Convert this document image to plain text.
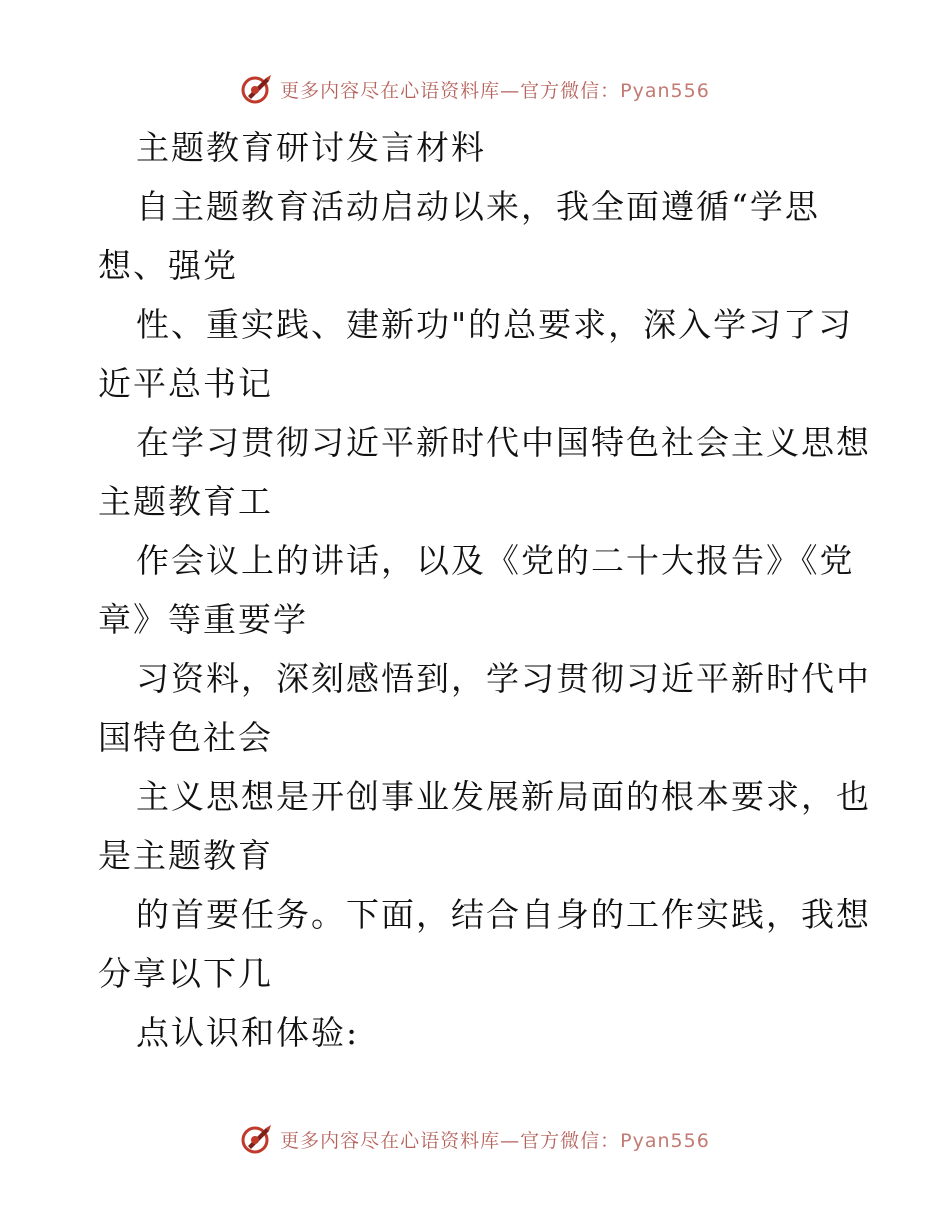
更多内容尽在心语资料库—官方微信：Pyan556
主题教育研讨发言材料
自主题教育活动启动以来，我全面遵循“学思
想、强党
性、重实践、建新功"的总要求，深入学习了习
近平总书记
在学习贯彻习近平新时代中国特色社会主义思想
主题教育工
作会议上的讲话，以及《党的二十大报告》《党
章》等重要学
习资料，深刻感悟到，学习贯彻习近平新时代中
国特色社会
主义思想是开创事业发展新局面的根本要求，也
是主题教育
的首要任务。下面，结合自身的工作实践，我想
分享以下几
点认识和体验:
更多内容尽在心语资料库—官方微信：Pyan556
